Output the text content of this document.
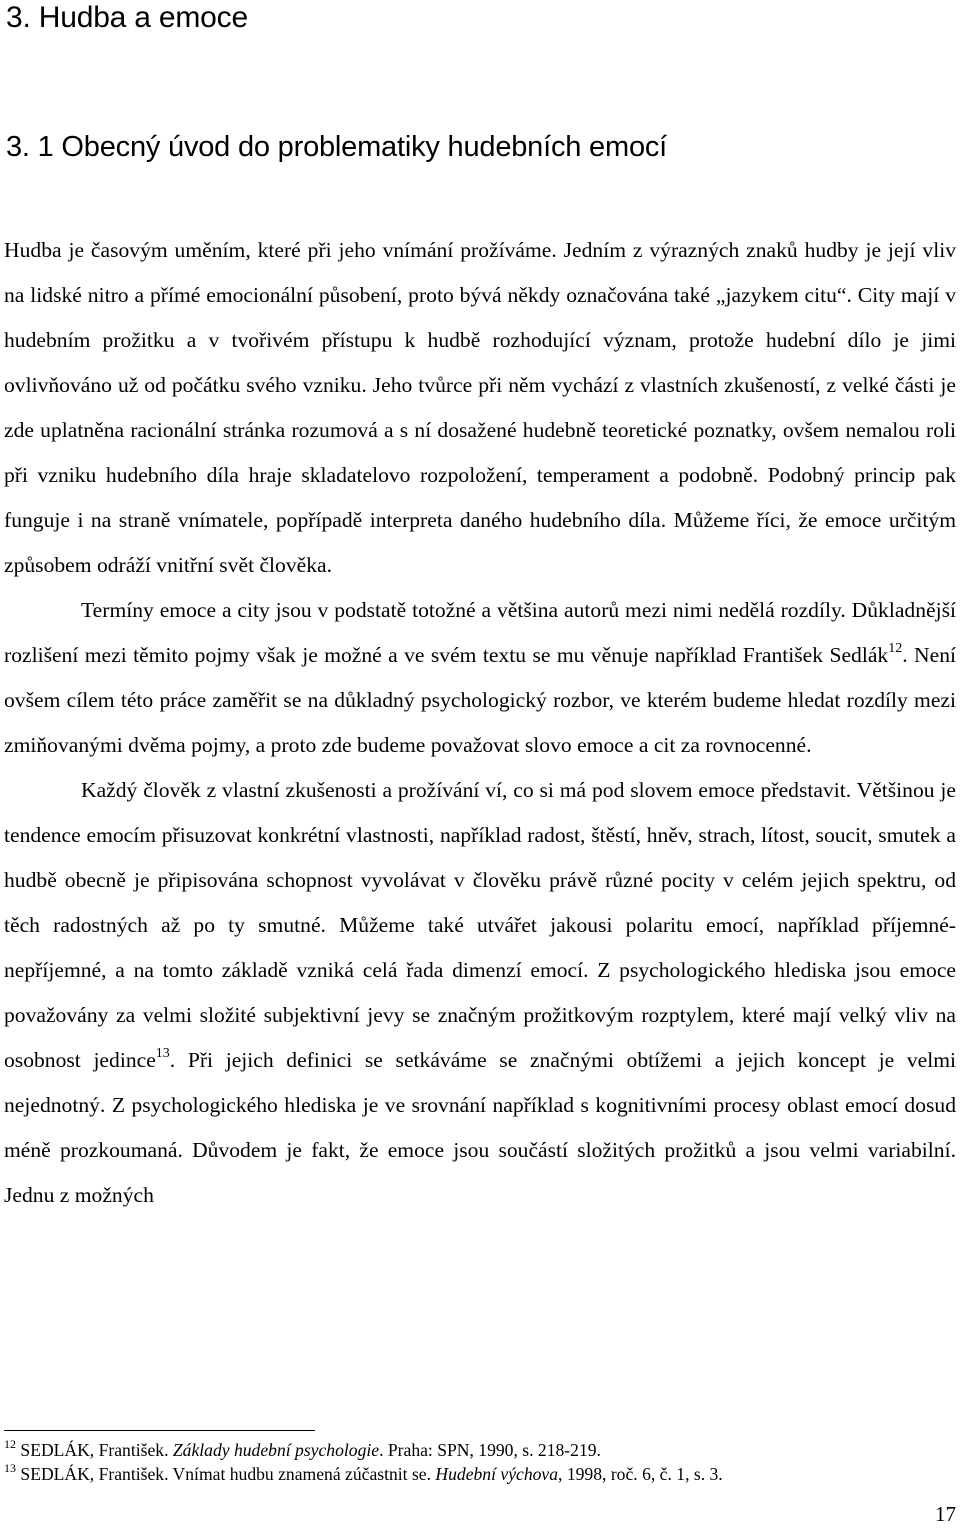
3. Hudba a emoce
3. 1 Obecný úvod do problematiky hudebních emocí

Hudba je časovým uměním, které při jeho vnímání prožíváme. Jedním z výrazných znaků hudby je její vliv na lidské nitro a přímé emocionální působení, proto bývá někdy označována také „jazykem citu“. City mají v hudebním prožitku a v tvořivém přístupu k hudbě rozhodující význam, protože hudební dílo je jimi ovlivňováno už od počátku svého vzniku. Jeho tvůrce při něm vychází z vlastních zkušeností, z velké části je zde uplatněna racionální stránka rozumová a s ní dosažené hudebně teoretické poznatky, ovšem nemalou roli při vzniku hudebního díla hraje skladatelovo rozpoložení, temperament a podobně. Podobný princip pak funguje i na straně vnímatele, popřípadě interpreta daného hudebního díla. Můžeme říci, že emoce určitým způsobem odráží vnitřní svět člověka.

Termíny emoce a city jsou v podstatě totožné a většina autorů mezi nimi nedělá rozdíly. Důkladnější rozlišení mezi těmito pojmy však je možné a ve svém textu se mu věnuje například František Sedlák$^{12}$. Není ovšem cílem této práce zaměřit se na důkladný psychologický rozbor, ve kterém budeme hledat rozdíly mezi zmiňovanými dvěma pojmy, a proto zde budeme považovat slovo emoce a cit za rovnocenné.

Každý člověk z vlastní zkušenosti a prožívání ví, co si má pod slovem emoce představit. Většinou je tendence emocím přisuzovat konkrétní vlastnosti, například radost, štěstí, hněv, strach, lítost, soucit, smutek a hudbě obecně je připisována schopnost vyvolávat v člověku právě různé pocity v celém jejich spektru, od těch radostných až po ty smutné. Můžeme také utvářet jakousi polaritu emocí, například příjemné-nepříjemné, a na tomto základě vzniká celá řada dimenzí emocí. Z psychologického hlediska jsou emoce považovány za velmi složité subjektivní jevy se značným prožitkovým rozptylem, které mají velký vliv na osobnost jedince$^{13}$. Při jejich definici se setkáváme se značnými obtížemi a jejich koncept je velmi nejednotný. Z psychologického hlediska je ve srovnání například s kognitivními procesy oblast emocí dosud méně prozkoumaná. Důvodem je fakt, že emoce jsou součástí složitých prožitků a jsou velmi variabilní. Jednu z možných

$^{12}$ SEDLÁK, František. Základy hudební psychologie. Praha: SPN, 1990, s. 218-219.

$^{13}$ SEDLÁK, František. Vnímat hudbu znamená zúčastnit se. Hudební výchova, 1998, roč. 6, č. 1, s. 3.

17
